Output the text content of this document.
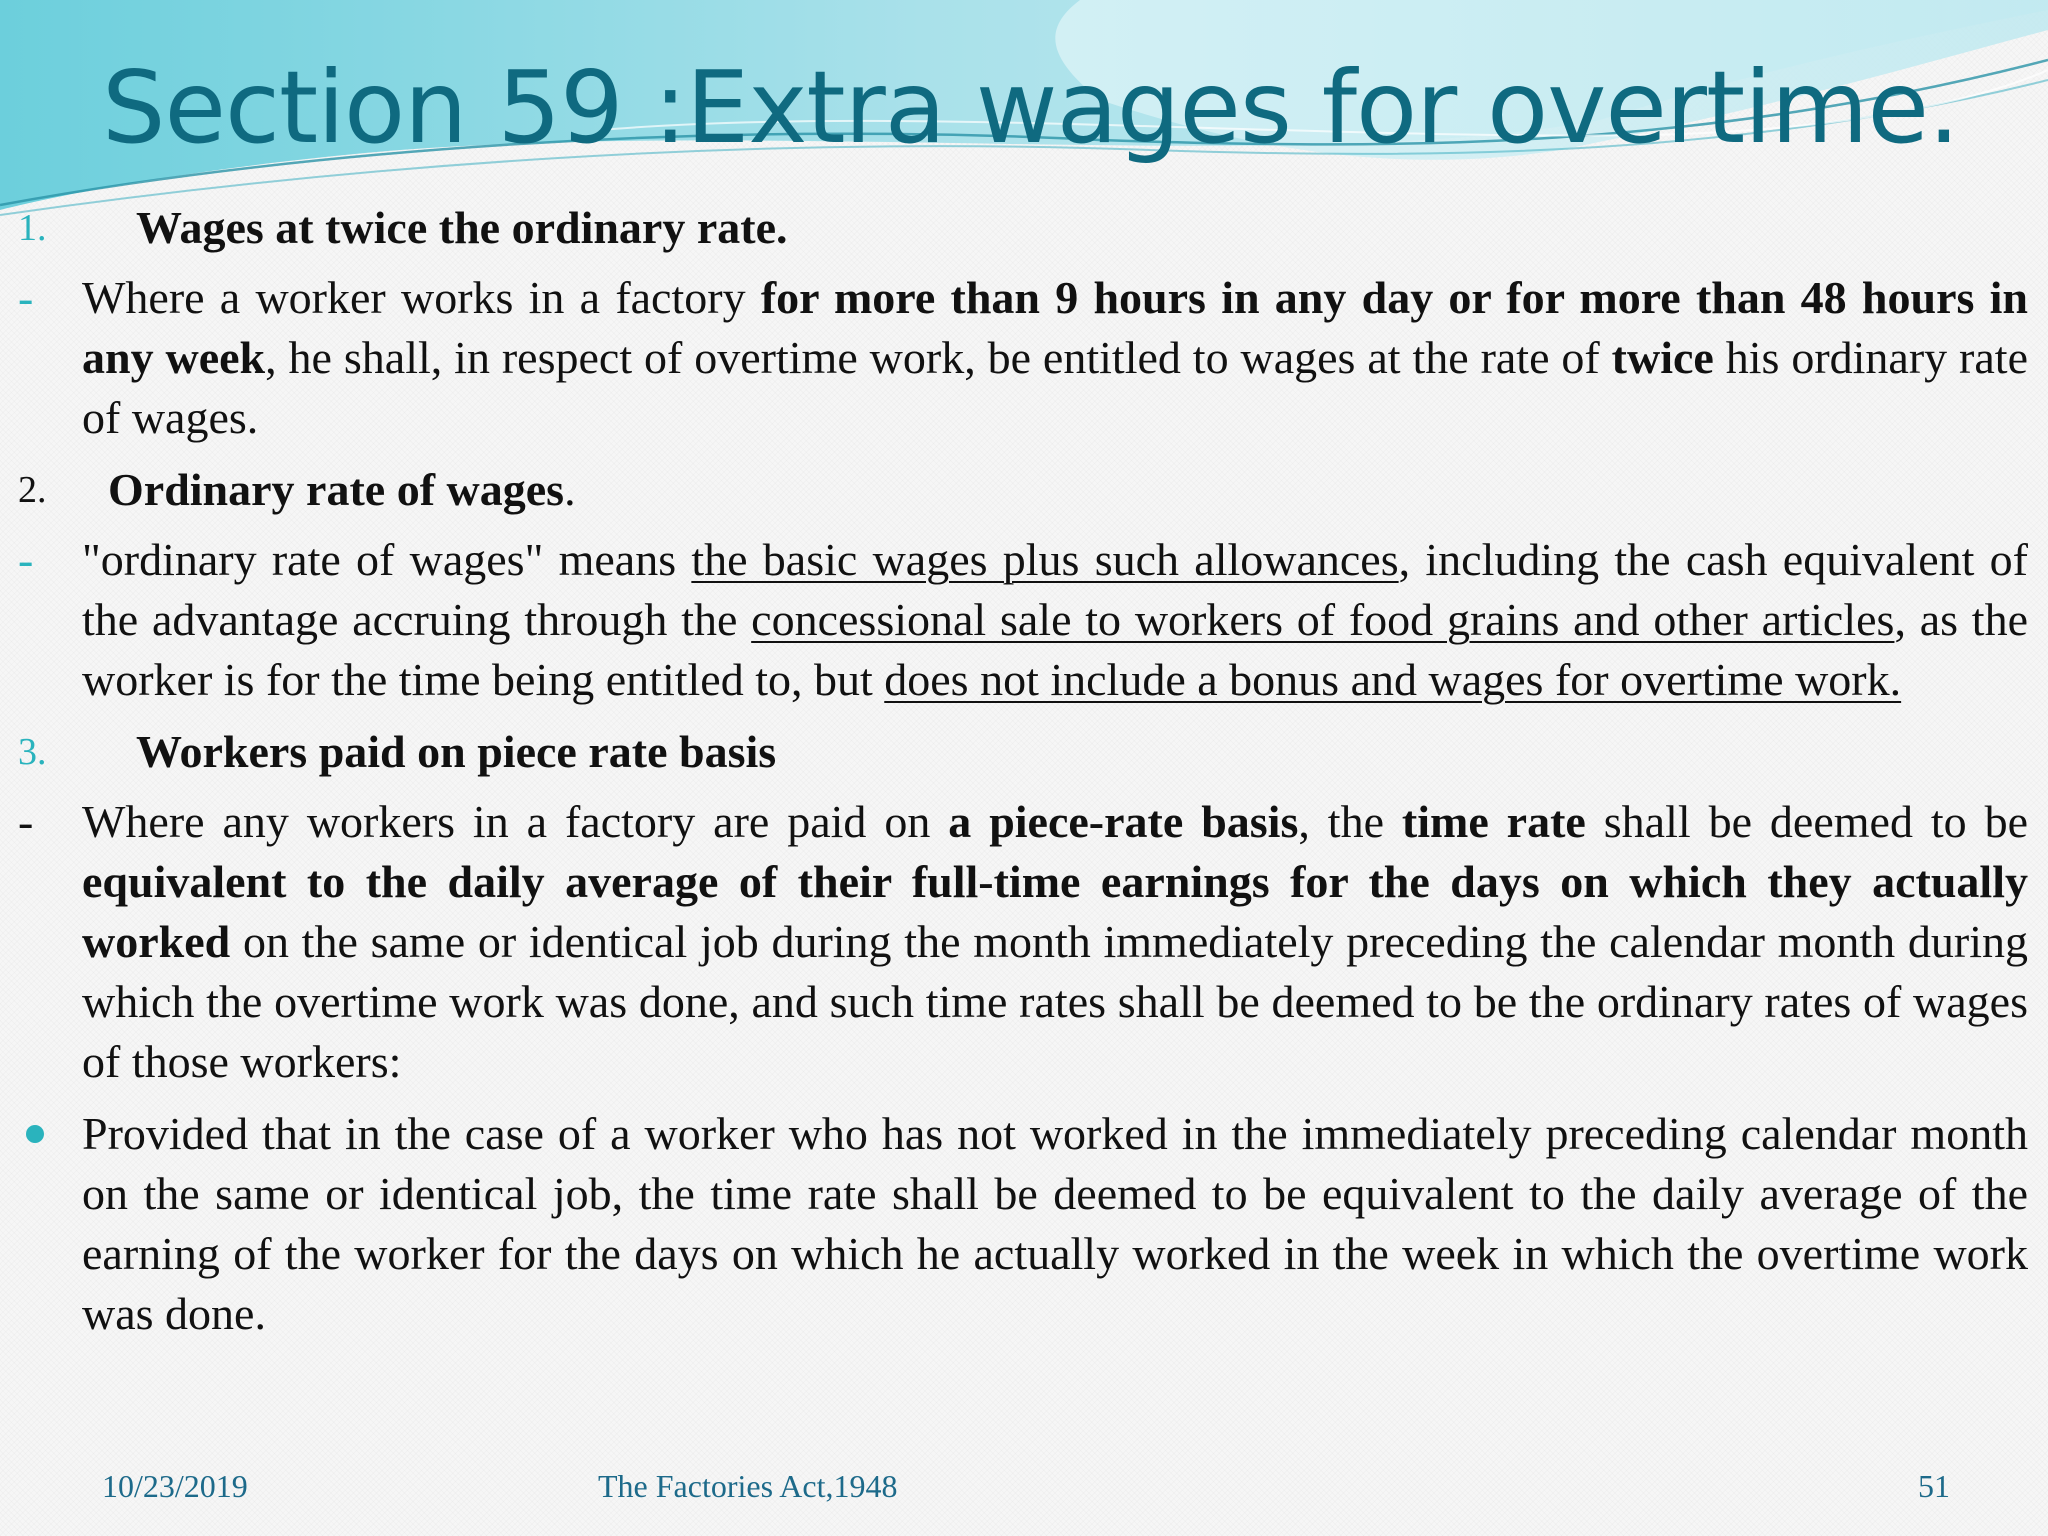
Section 59 :Extra wages for overtime.
1. Wages at twice the ordinary rate.
- Where a worker works in a factory for more than 9 hours in any day or for more than 48 hours in any week, he shall, in respect of overtime work, be entitled to wages at the rate of twice his ordinary rate of wages.

2. Ordinary rate of wages.
- "ordinary rate of wages" means the basic wages plus such allowances, including the cash equivalent of the advantage accruing through the concessional sale to workers of food grains and other articles, as the worker is for the time being entitled to, but does not include a bonus and wages for overtime work.

3. Workers paid on piece rate basis
- Where any workers in a factory are paid on a piece-rate basis, the time rate shall be deemed to be equivalent to the daily average of their full-time earnings for the days on which they actually worked on the same or identical job during the month immediately preceding the calendar month during which the overtime work was done, and such time rates shall be deemed to be the ordinary rates of wages of those workers:

Provided that in the case of a worker who has not worked in the immediately preceding calendar month on the same or identical job, the time rate shall be deemed to be equivalent to the daily average of the earning of the worker for the days on which he actually worked in the week in which the overtime work was done.

10/23/2019	The Factories Act,1948	51
